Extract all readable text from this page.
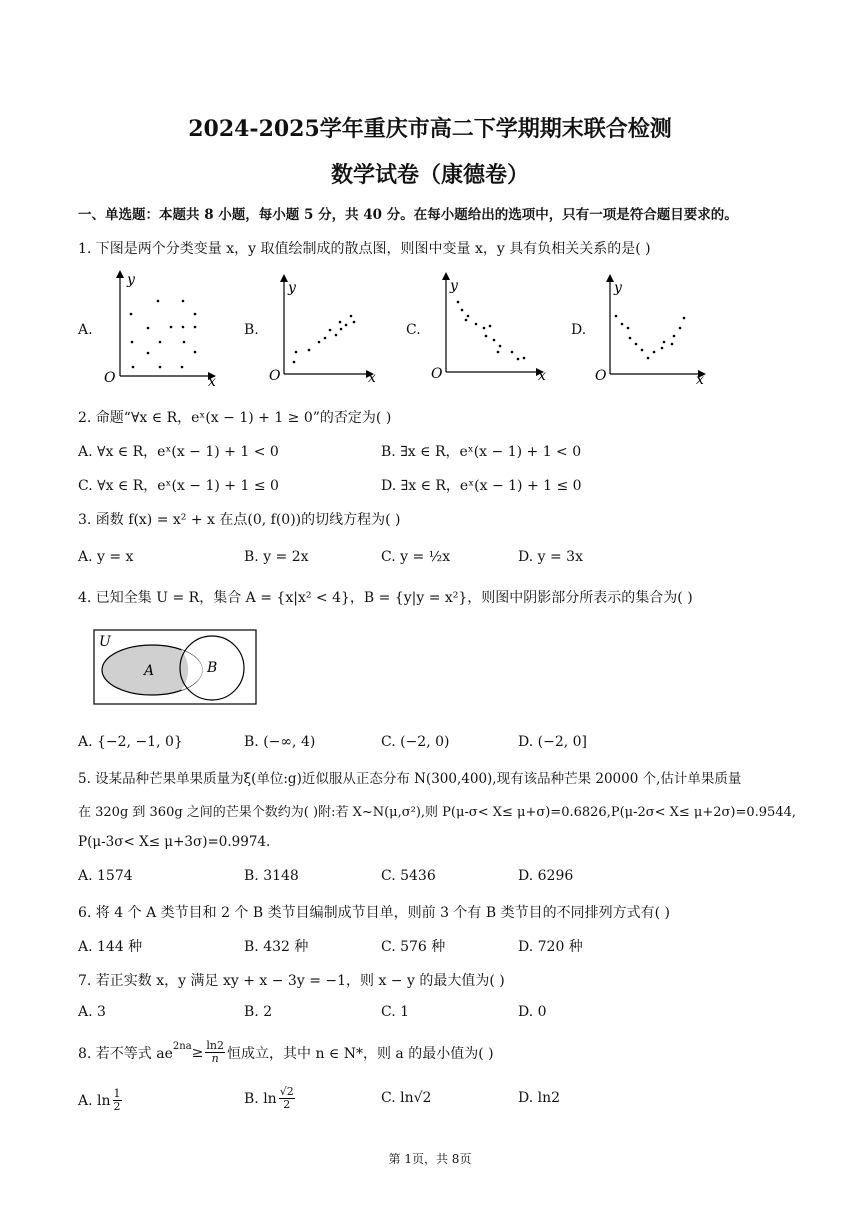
2024-2025学年重庆市高二下学期期末联合检测
数学试卷（康德卷）
一、单选题：本题共 8 小题，每小题 5 分，共 40 分。在每小题给出的选项中，只有一项是符合题目要求的。
1. 下图是两个分类变量 x，y 取值绘制成的散点图，则图中变量 x，y 具有负相关关系的是( )
A.	B.	C.	D.
y
x
O
y
x
O
y
x
O
y
x
O
2. 命题“∀x ∈ R，eˣ(x − 1) + 1 ≥ 0”的否定为( )
A. ∀x ∈ R，eˣ(x − 1) + 1 < 0	B. ∃x ∈ R，eˣ(x − 1) + 1 < 0
C. ∀x ∈ R，eˣ(x − 1) + 1 ≤ 0	D. ∃x ∈ R，eˣ(x − 1) + 1 ≤ 0
3. 函数 f(x) = x² + x 在点(0, f(0))的切线方程为( )
A. y = x	B. y = 2x	C. y = ½x	D. y = 3x
4. 已知全集 U = R，集合 A = {x|x² < 4}，B = {y|y = x²}，则图中阴影部分所表示的集合为( )
U
A	B
A. {−2, −1, 0}	B. (−∞, 4)	C. (−2, 0)	D. (−2, 0]
5. 设某品种芒果单果质量为ξ(单位:g)近似服从正态分布 N(300,400),现有该品种芒果 20000 个,估计单果质量
在 320g 到 360g 之间的芒果个数约为( )附:若 X~N(μ,σ²),则 P(μ-σ< X≤ μ+σ)=0.6826,P(μ-2σ< X≤ μ+2σ)=0.9544,
P(μ-3σ< X≤ μ+3σ)=0.9974.
A. 1574	B. 3148	C. 5436	D. 6296
6. 将 4 个 A 类节目和 2 个 B 类节目编制成节目单，则前 3 个有 B 类节目的不同排列方式有( )
A. 144 种	B. 432 种	C. 576 种	D. 720 种
7. 若正实数 x，y 满足 xy + x − 3y = −1，则 x − y 的最大值为( )
A. 3	B. 2	C. 1	D. 0
8. 若不等式 $ae^{2na} \ge \frac{\ln 2}{n}$ 恒成立，其中 n ∈ N*，则 a 的最小值为( )
A. $\ln \frac{1}{2}$	B. $\ln \frac{√2}{2}$	C. ln√2	D. ln2
第 1页，共 8页
